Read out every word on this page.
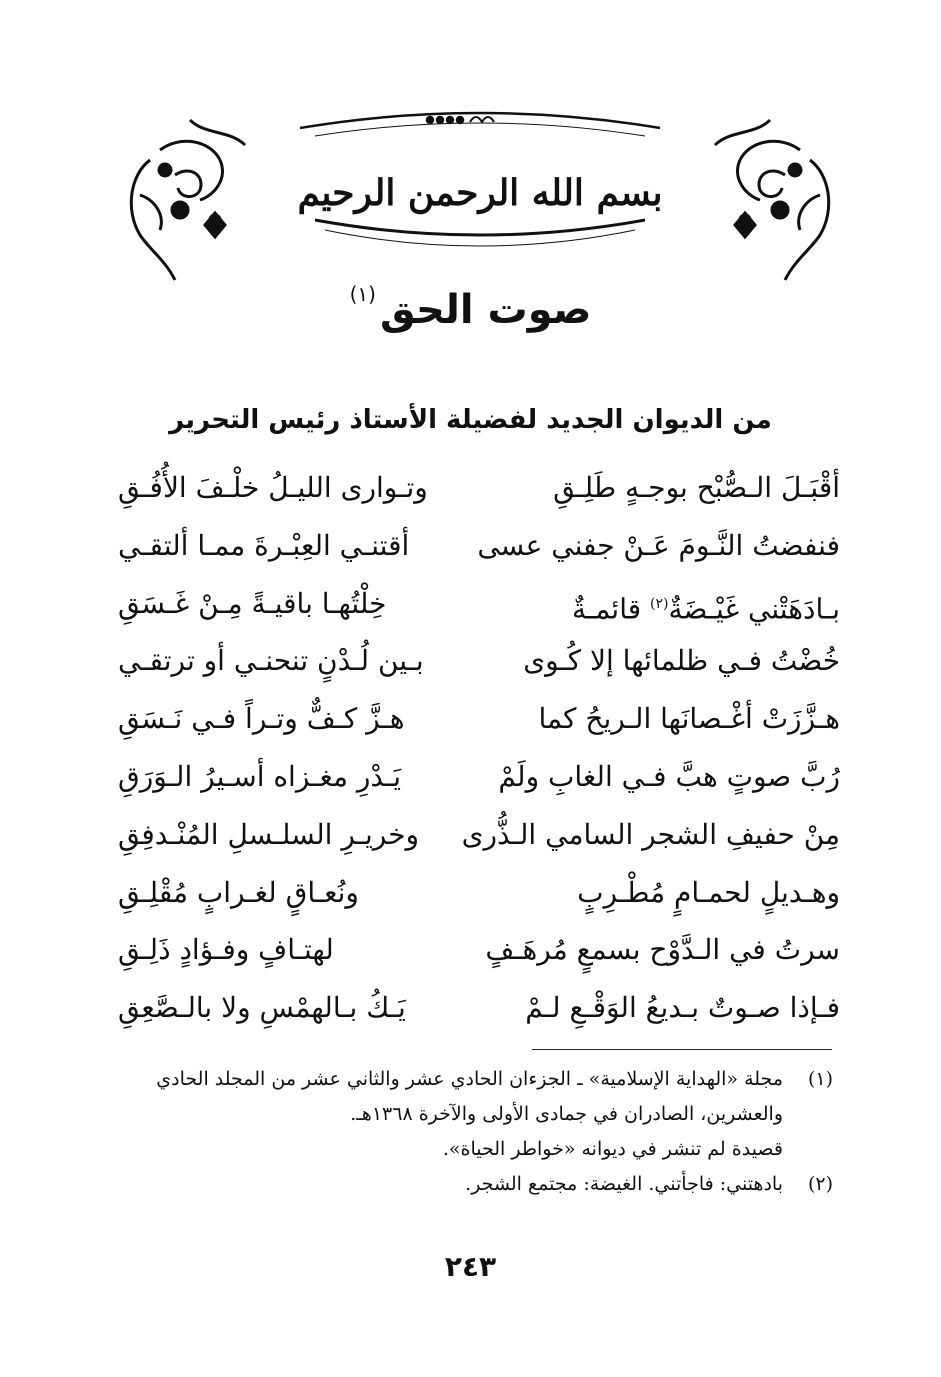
بسم الله الرحمن الرحيم
صوت الحق$^{(١)}$
من الديوان الجديد لفضيلة الأستاذ رئيس التحرير
أقْبَـلَ الـصُّبْح بوجـهٍ طَلِـقِ
وتـوارى الليـلُ خلْـفَ الأُفُـقِ
فنفضتُ النَّـومَ عَـنْ جفني عسى
أقتنـي العِبْـرةَ ممـا ألتقـي
بـادَهَتْني غَيْـضَةٌ$^{(٢)}$ قائمـةٌ
خِلْتُهـا باقيـةً مِـنْ غَـسَقِ
خُضْتُ فـي ظلمائها إلا كُـوى
بـين لُـدْنٍ تنحنـي أو ترتقـي
هـزَّزَتْ أغْـصانَها الـريحُ كما
هـزَّ كـفٌّ وتـراً فـي نَـسَقِ
رُبَّ صوتٍ هبَّ فـي الغابِ ولَمْ
يَـدْرِ مغـزاه أسـيرُ الـوَرَقِ
مِنْ حفيفِ الشجر السامي الـذُّرى
وخريـرِ السلـسلِ المُنْـدفِقِ
وهـديلٍ لحمـامٍ مُطْـرِبٍ
ونُعـاقٍ لغـرابٍ مُقْلِـقِ
سرتُ في الـدَّوْح بسمعٍ مُرهَـفٍ
لهتـافٍ وفـؤادٍ ذَلِـقِ
فـإذا صـوتٌ بـديعُ الوَقْـعِ لـمْ
يَـكُ بـالهمْسِ ولا بالـصَّعِقِ
(١)
مجلة «الهداية الإسلامية» ـ الجزءان الحادي عشر والثاني عشر من المجلد الحادي
والعشرين، الصادران في جمادى الأولى والآخرة ١٣٦٨هـ.
قصيدة لم تنشر في ديوانه «خواطر الحياة».
(٢)
بادهتني: فاجأتني. الغيضة: مجتمع الشجر.
٢٤٣
